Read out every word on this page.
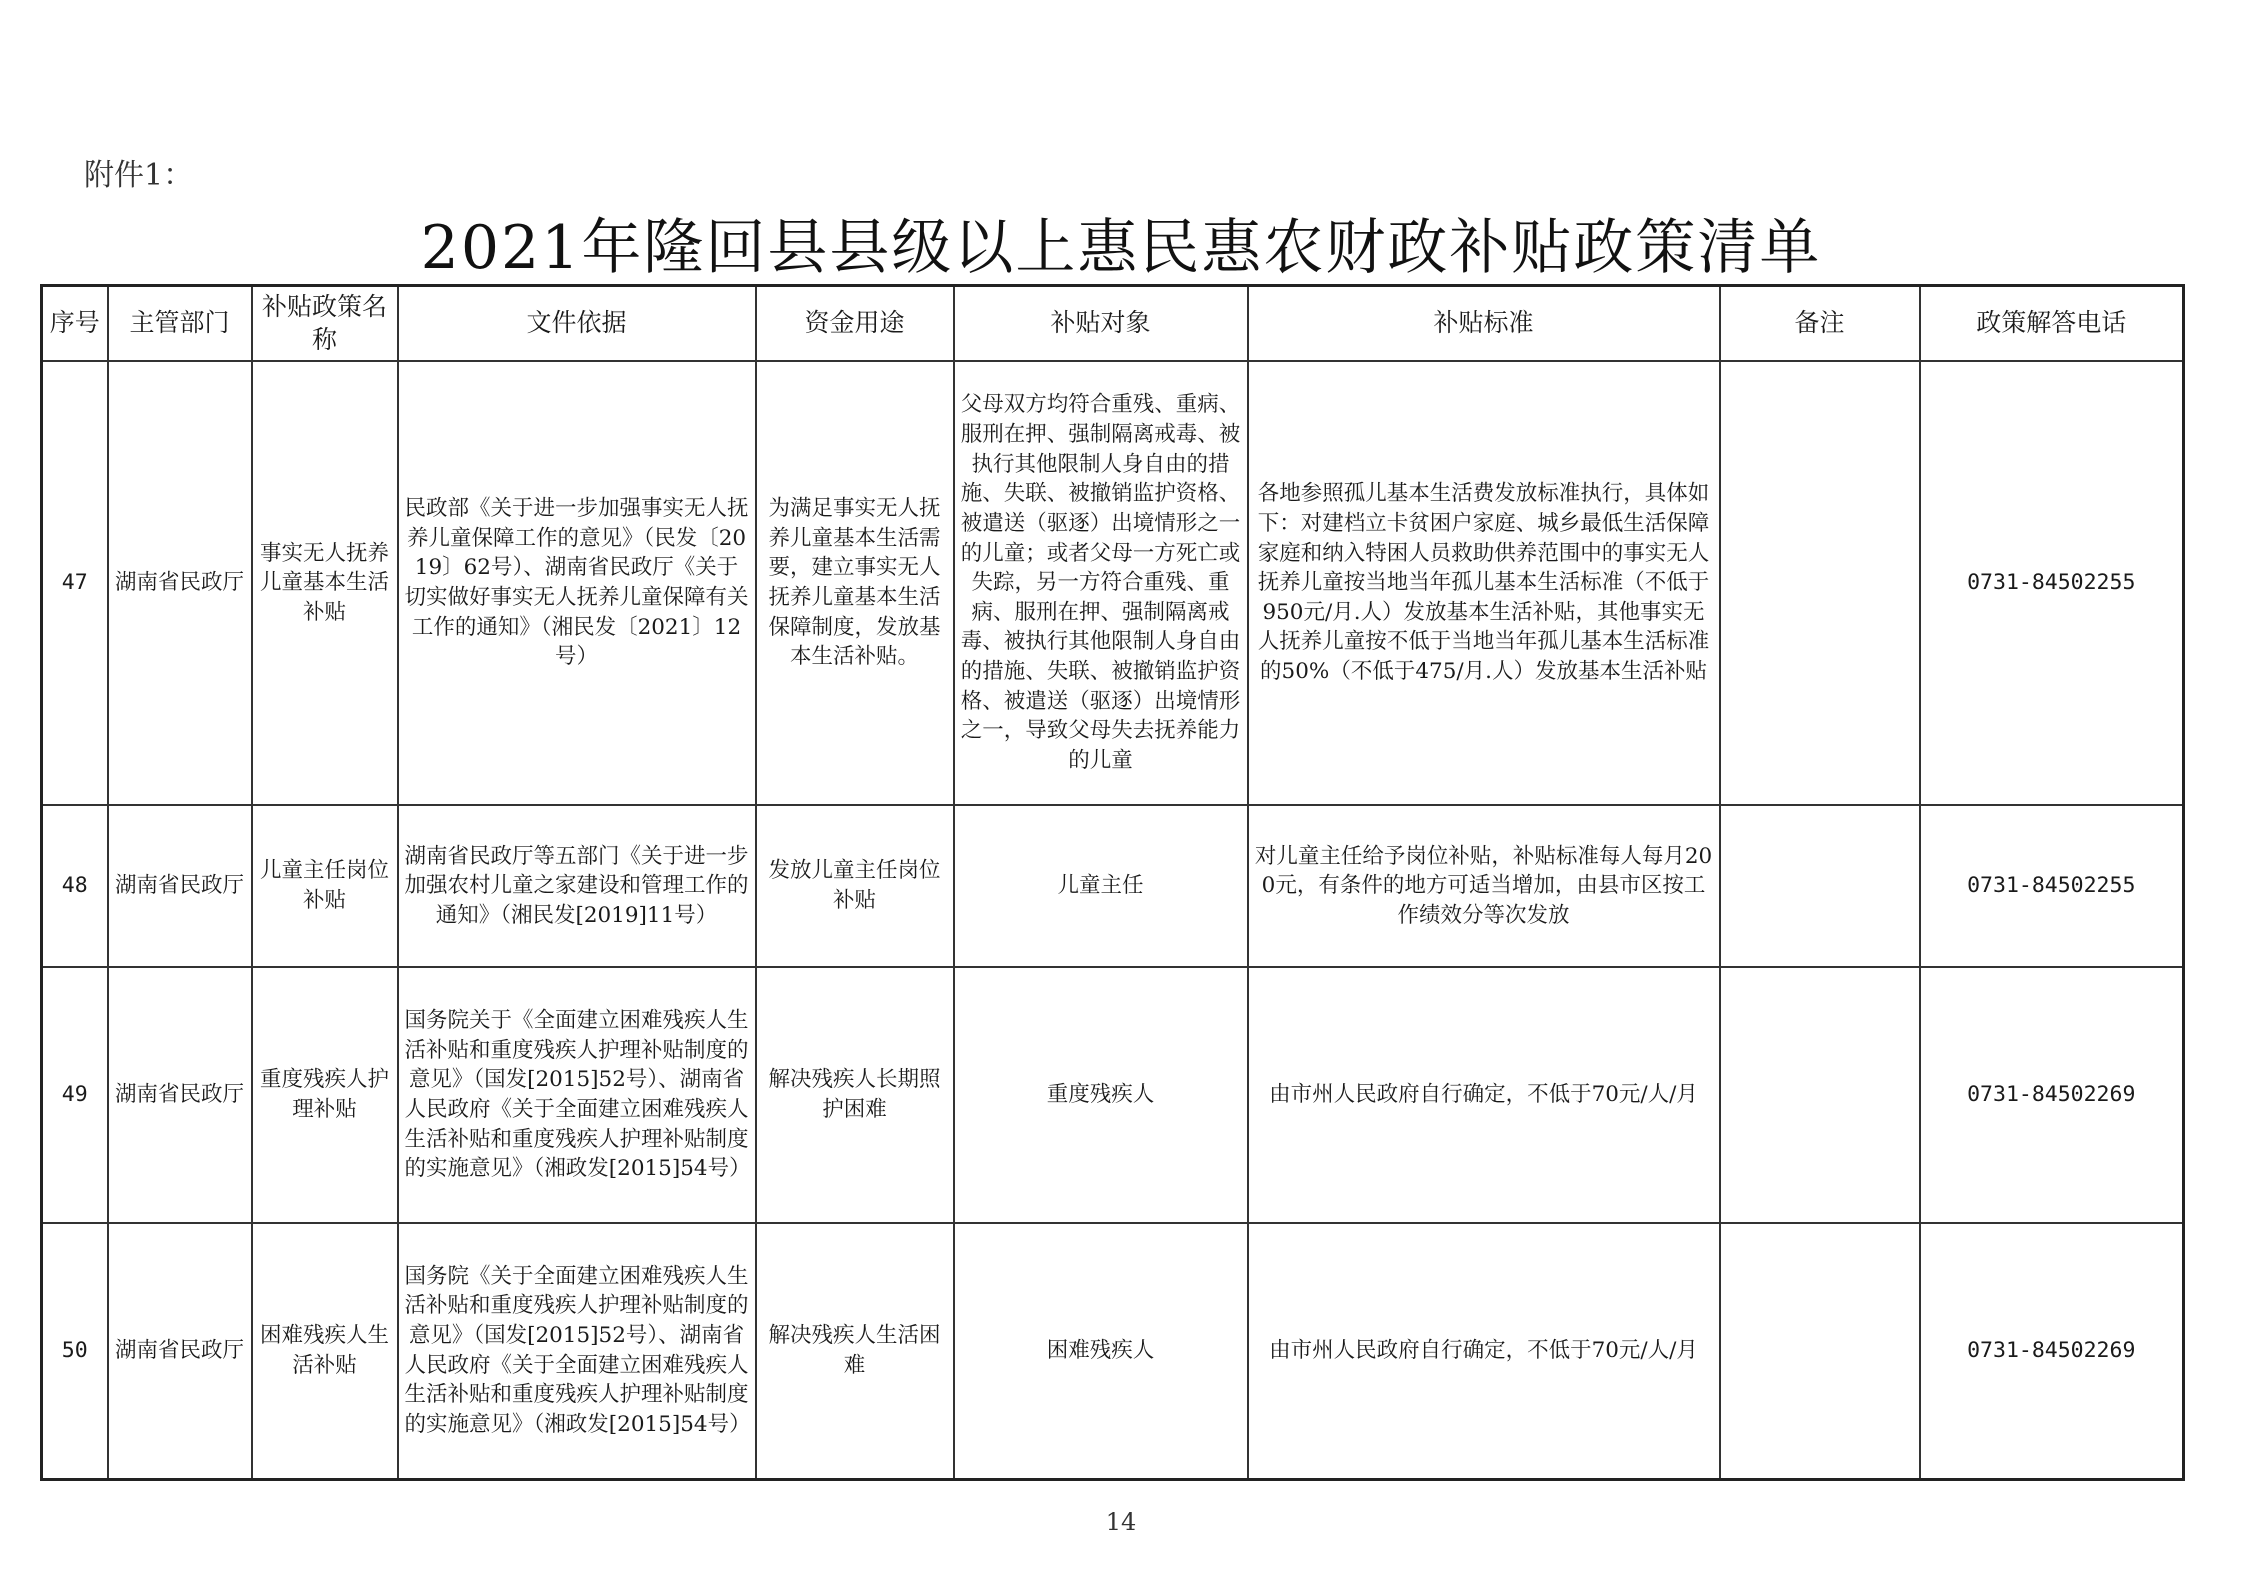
附件1：
2021年隆回县县级以上惠民惠农财政补贴政策清单
序号	主管部门	补贴政策名称	文件依据	资金用途	补贴对象	补贴标准	备注	政策解答电话
47	湖南省民政厅	事实无人抚养儿童基本生活补贴	民政部《关于进一步加强事实无人抚养儿童保障工作的意见》（民发〔2019〕62号）、湖南省民政厅《关于切实做好事实无人抚养儿童保障有关工作的通知》（湘民发〔2021〕12号）	为满足事实无人抚养儿童基本生活需要，建立事实无人抚养儿童基本生活保障制度，发放基本生活补贴。	父母双方均符合重残、重病、服刑在押、强制隔离戒毒、被执行其他限制人身自由的措施、失联、被撤销监护资格、被遣送（驱逐）出境情形之一的儿童；或者父母一方死亡或失踪，另一方符合重残、重病、服刑在押、强制隔离戒毒、被执行其他限制人身自由的措施、失联、被撤销监护资格、被遣送（驱逐）出境情形之一，导致父母失去抚养能力的儿童	各地参照孤儿基本生活费发放标准执行，具体如下：对建档立卡贫困户家庭、城乡最低生活保障家庭和纳入特困人员救助供养范围中的事实无人抚养儿童按当地当年孤儿基本生活标准（不低于950元/月.人）发放基本生活补贴，其他事实无人抚养儿童按不低于当地当年孤儿基本生活标准的50%（不低于475/月.人）发放基本生活补贴		0731-84502255
48	湖南省民政厅	儿童主任岗位补贴	湖南省民政厅等五部门《关于进一步加强农村儿童之家建设和管理工作的通知》（湘民发[2019]11号）	发放儿童主任岗位补贴	儿童主任	对儿童主任给予岗位补贴，补贴标准每人每月200元，有条件的地方可适当增加，由县市区按工作绩效分等次发放		0731-84502255
49	湖南省民政厅	重度残疾人护理补贴	国务院关于《全面建立困难残疾人生活补贴和重度残疾人护理补贴制度的意见》（国发[2015]52号）、湖南省人民政府《关于全面建立困难残疾人生活补贴和重度残疾人护理补贴制度的实施意见》（湘政发[2015]54号）	解决残疾人长期照护困难	重度残疾人	由市州人民政府自行确定，不低于70元/人/月		0731-84502269
50	湖南省民政厅	困难残疾人生活补贴	国务院《关于全面建立困难残疾人生活补贴和重度残疾人护理补贴制度的意见》（国发[2015]52号）、湖南省人民政府《关于全面建立困难残疾人生活补贴和重度残疾人护理补贴制度的实施意见》（湘政发[2015]54号）	解决残疾人生活困难	困难残疾人	由市州人民政府自行确定，不低于70元/人/月		0731-84502269
14
